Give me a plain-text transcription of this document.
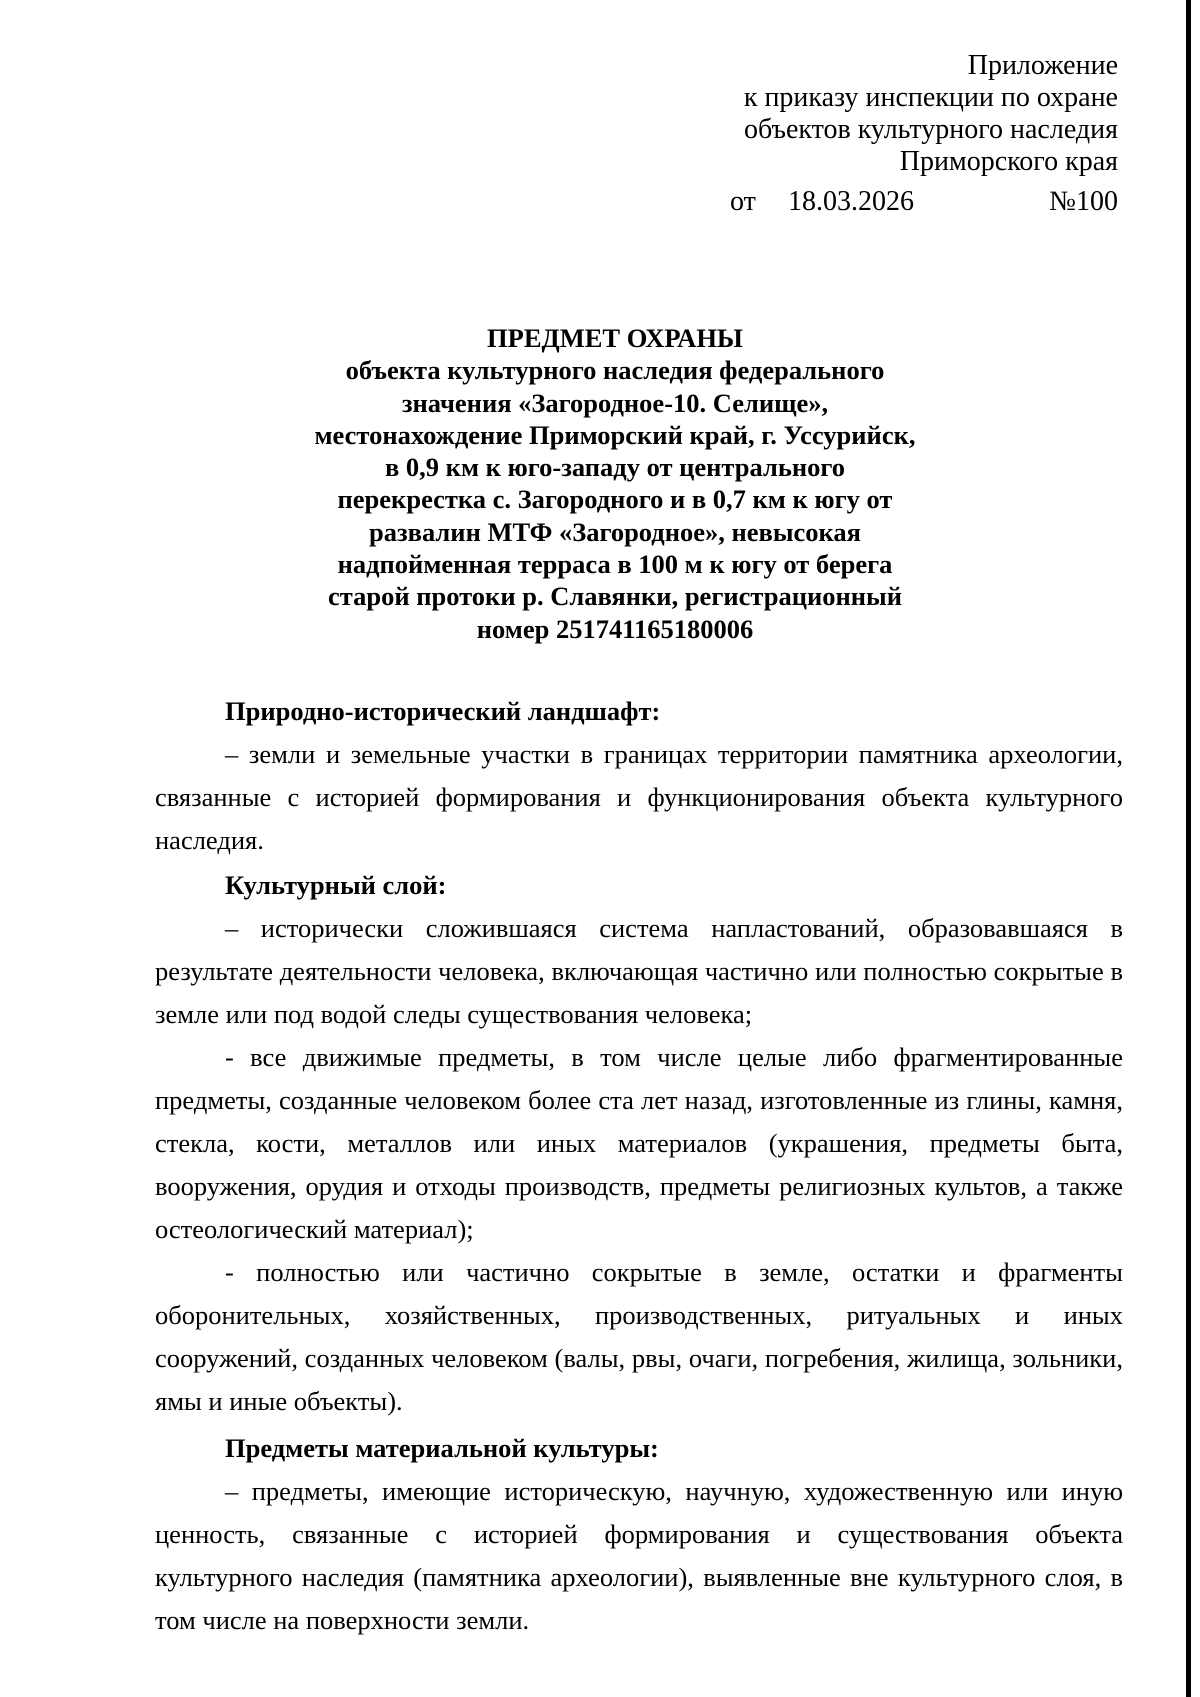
Приложение
к приказу инспекции по охране
объектов культурного наследия
Приморского края
от 18.03.2026	№100
ПРЕДМЕТ ОХРАНЫ
объекта культурного наследия федерального
значения «Загородное-10. Селище»,
местонахождение Приморский край, г. Уссурийск,
в 0,9 км к юго-западу от центрального
перекрестка с. Загородного и в 0,7 км к югу от
развалин МТФ «Загородное», невысокая
надпойменная терраса в 100 м к югу от берега
старой протоки р. Славянки, регистрационный
номер 251741165180006

Природно-исторический ландшафт:

– земли и земельные участки в границах территории памятника археологии, связанные с историей формирования и функционирования объекта культурного наследия.

Культурный слой:

– исторически сложившаяся система напластований, образовавшаяся в результате деятельности человека, включающая частично или полностью сокрытые в земле или под водой следы существования человека;

- все движимые предметы, в том числе целые либо фрагментированные предметы, созданные человеком более ста лет назад, изготовленные из глины, камня, стекла, кости, металлов или иных материалов (украшения, предметы быта, вооружения, орудия и отходы производств, предметы религиозных культов, а также остеологический материал);

- полностью или частично сокрытые в земле, остатки и фрагменты оборонительных, хозяйственных, производственных, ритуальных и иных сооружений, созданных человеком (валы, рвы, очаги, погребения, жилища, зольники, ямы и иные объекты).

Предметы материальной культуры:

– предметы, имеющие историческую, научную, художественную или иную ценность, связанные с историей формирования и существования объекта культурного наследия (памятника археологии), выявленные вне культурного слоя, в том числе на поверхности земли.
